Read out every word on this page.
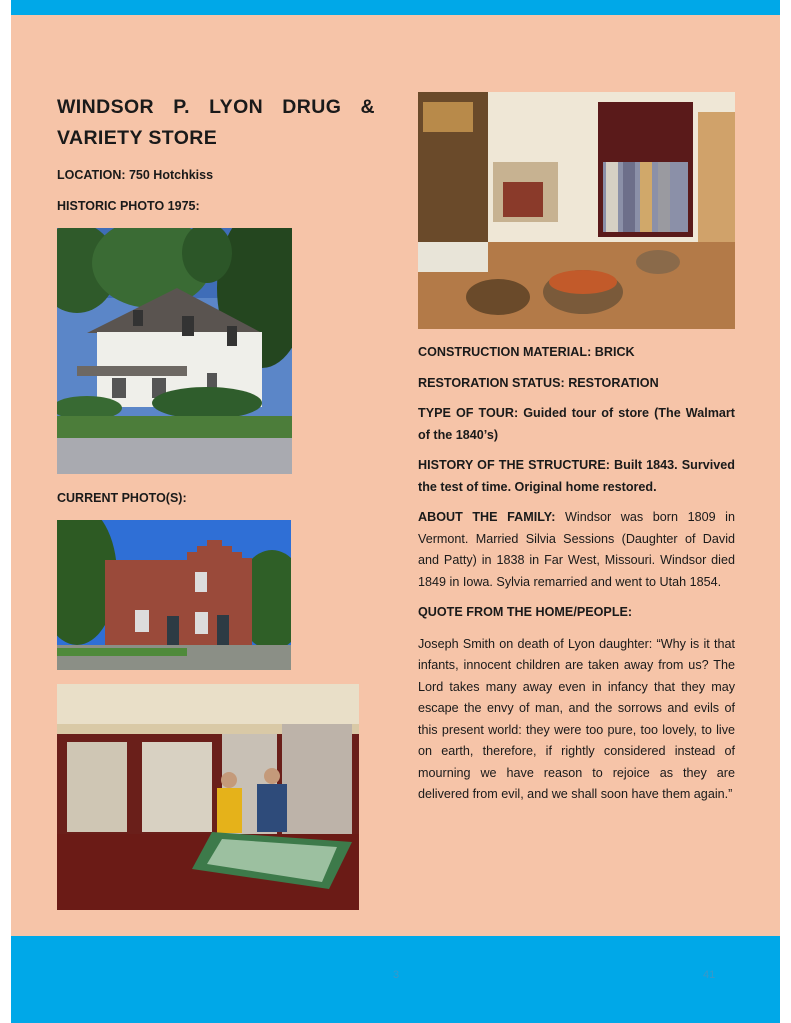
WINDSOR P. LYON DRUG & VARIETY STORE

LOCATION: 750 Hotchkiss

HISTORIC PHOTO 1975:

CURRENT PHOTO(S):

CONSTRUCTION MATERIAL: BRICK

RESTORATION STATUS: RESTORATION

TYPE OF TOUR: Guided tour of store (The Walmart of the 1840’s)

HISTORY OF THE STRUCTURE: Built 1843. Survived the test of time. Original home restored.

ABOUT THE FAMILY: Windsor was born 1809 in Vermont. Married Silvia Sessions (Daughter of David and Patty) in 1838 in Far West, Missouri. Windsor died 1849 in Iowa. Sylvia remarried and went to Utah 1854.

QUOTE FROM THE HOME/PEOPLE:

Joseph Smith on death of Lyon daughter: “Why is it that infants, innocent children are taken away from us? The Lord takes many away even in infancy that they may escape the envy of man, and the sorrows and evils of this present world: they were too pure, too lovely, to live on earth, therefore, if rightly considered instead of mourning we have reason to rejoice as they are delivered from evil, and we shall soon have them again.”

3	41
